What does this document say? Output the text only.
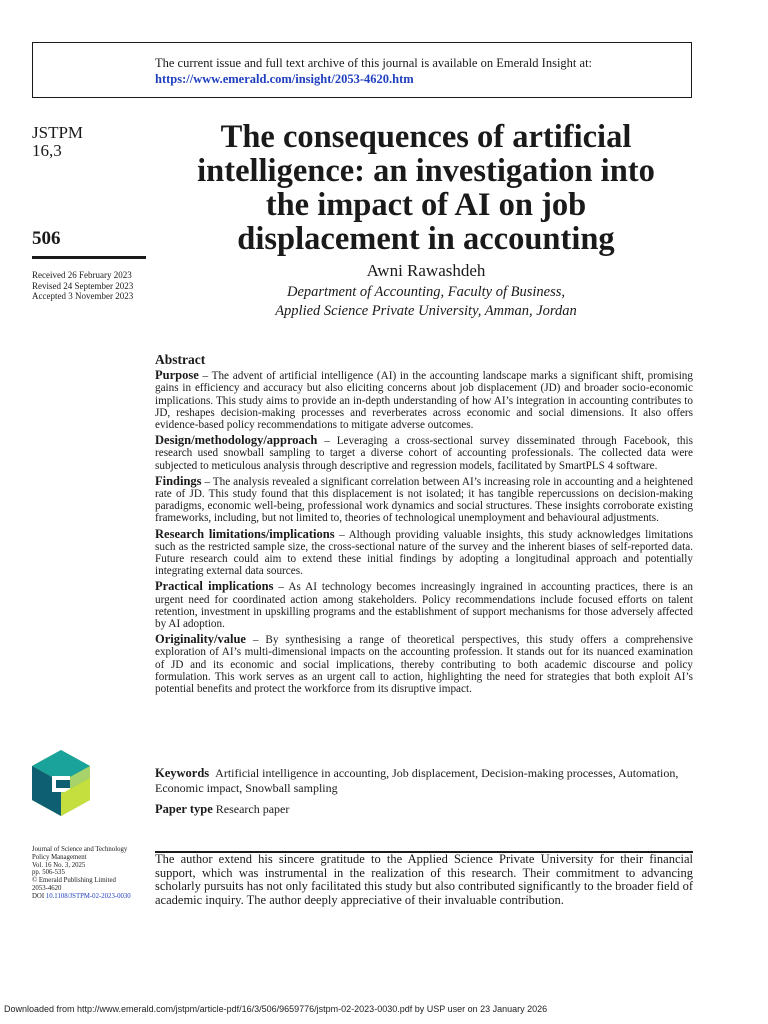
The current issue and full text archive of this journal is available on Emerald Insight at:
https://www.emerald.com/insight/2053-4620.htm
JSTPM
16,3
506
Received 26 February 2023
Revised 24 September 2023
Accepted 3 November 2023
The consequences of artificial
intelligence: an investigation into
the impact of AI on job
displacement in accounting
Awni Rawashdeh
Department of Accounting, Faculty of Business,
Applied Science Private University, Amman, Jordan
Abstract

Purpose – The advent of artificial intelligence (AI) in the accounting landscape marks a significant shift, promising gains in efficiency and accuracy but also eliciting concerns about job displacement (JD) and broader socio-economic implications. This study aims to provide an in-depth understanding of how AI’s integration in accounting contributes to JD, reshapes decision-making processes and reverberates across economic and social dimensions. It also offers evidence-based policy recommendations to mitigate adverse outcomes.

Design/methodology/approach – Leveraging a cross-sectional survey disseminated through Facebook, this research used snowball sampling to target a diverse cohort of accounting professionals. The collected data were subjected to meticulous analysis through descriptive and regression models, facilitated by SmartPLS 4 software.

Findings – The analysis revealed a significant correlation between AI’s increasing role in accounting and a heightened rate of JD. This study found that this displacement is not isolated; it has tangible repercussions on decision-making paradigms, economic well-being, professional work dynamics and social structures. These insights corroborate existing frameworks, including, but not limited to, theories of technological unemployment and behavioural adjustments.

Research limitations/implications – Although providing valuable insights, this study acknowledges limitations such as the restricted sample size, the cross-sectional nature of the survey and the inherent biases of self-reported data. Future research could aim to extend these initial findings by adopting a longitudinal approach and potentially integrating external data sources.

Practical implications – As AI technology becomes increasingly ingrained in accounting practices, there is an urgent need for coordinated action among stakeholders. Policy recommendations include focused efforts on talent retention, investment in upskilling programs and the establishment of support mechanisms for those adversely affected by AI adoption.

Originality/value – By synthesising a range of theoretical perspectives, this study offers a comprehensive exploration of AI’s multi-dimensional impacts on the accounting profession. It stands out for its nuanced examination of JD and its economic and social implications, thereby contributing to both academic discourse and policy formulation. This work serves as an urgent call to action, highlighting the need for strategies that both exploit AI’s potential benefits and protect the workforce from its disruptive impact.

Keywords Artificial intelligence in accounting, Job displacement, Decision-making processes, Automation, Economic impact, Snowball sampling
Paper type Research paper
Journal of Science and Technology
Policy Management
Vol. 16 No. 3, 2025
pp. 506-535
© Emerald Publishing Limited
2053-4620
DOI 10.1108/JSTPM-02-2023-0030

The author extend his sincere gratitude to the Applied Science Private University for their financial support, which was instrumental in the realization of this research. Their commitment to advancing scholarly pursuits has not only facilitated this study but also contributed significantly to the broader field of academic inquiry. The author deeply appreciative of their invaluable contribution.

Downloaded from http://www.emerald.com/jstpm/article-pdf/16/3/506/9659776/jstpm-02-2023-0030.pdf by USP user on 23 January 2026
